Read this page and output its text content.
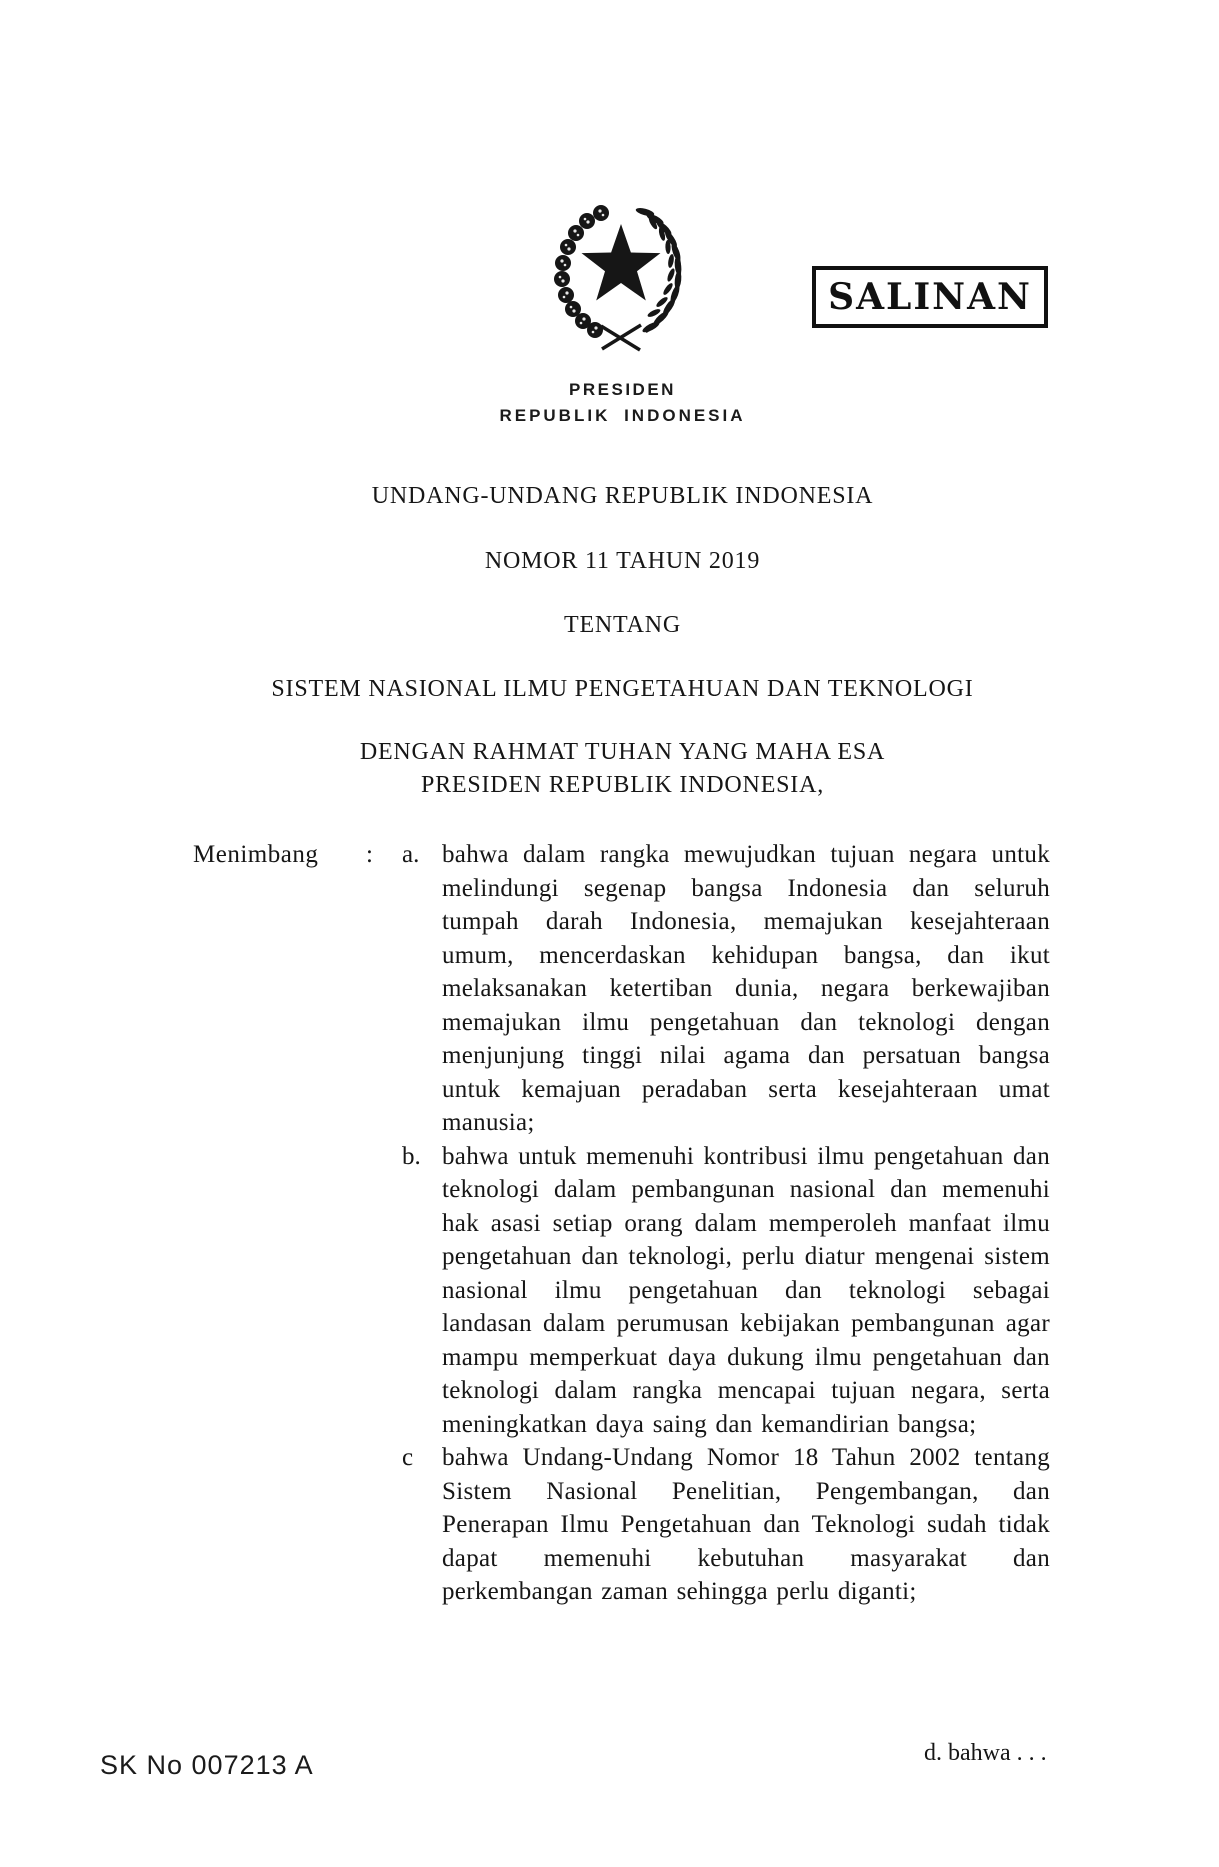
SALINAN
PRESIDEN
REPUBLIK INDONESIA
UNDANG-UNDANG REPUBLIK INDONESIA
NOMOR 11 TAHUN 2019
TENTANG
SISTEM NASIONAL ILMU PENGETAHUAN DAN TEKNOLOGI
DENGAN RAHMAT TUHAN YANG MAHA ESA
PRESIDEN REPUBLIK INDONESIA,
Menimbang : a. bahwa dalam rangka mewujudkan tujuan negara untuk melindungi segenap bangsa Indonesia dan seluruh tumpah darah Indonesia, memajukan kesejahteraan umum, mencerdaskan kehidupan bangsa, dan ikut melaksanakan ketertiban dunia, negara berkewajiban memajukan ilmu pengetahuan dan teknologi dengan menjunjung tinggi nilai agama dan persatuan bangsa untuk kemajuan peradaban serta kesejahteraan umat manusia;
b. bahwa untuk memenuhi kontribusi ilmu pengetahuan dan teknologi dalam pembangunan nasional dan memenuhi hak asasi setiap orang dalam memperoleh manfaat ilmu pengetahuan dan teknologi, perlu diatur mengenai sistem nasional ilmu pengetahuan dan teknologi sebagai landasan dalam perumusan kebijakan pembangunan agar mampu memperkuat daya dukung ilmu pengetahuan dan teknologi dalam rangka mencapai tujuan negara, serta meningkatkan daya saing dan kemandirian bangsa;
c	bahwa Undang-Undang Nomor 18 Tahun 2002 tentang Sistem Nasional Penelitian, Pengembangan, dan Penerapan Ilmu Pengetahuan dan Teknologi sudah tidak dapat memenuhi kebutuhan masyarakat dan perkembangan zaman sehingga perlu diganti;
SK No 007213 A	d. bahwa . . .
